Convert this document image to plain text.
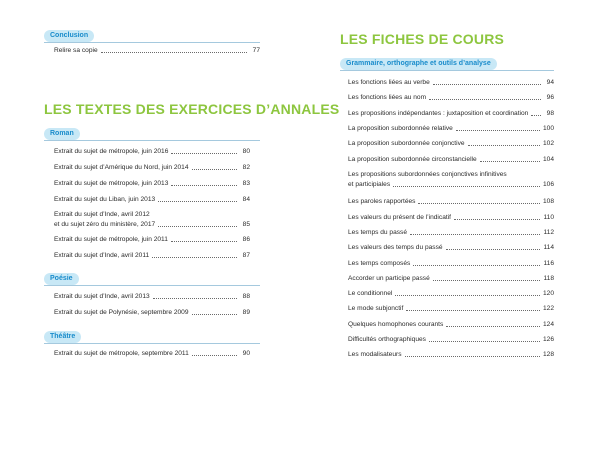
Conclusion
Relire sa copie	77
LES TEXTES DES EXERCICES D’ANNALES
Roman
Extrait du sujet de métropole, juin 2016	80
Extrait du sujet d’Amérique du Nord, juin 2014	82
Extrait du sujet de métropole, juin 2013	83
Extrait du sujet du Liban, juin 2013	84
Extrait du sujet d’Inde, avril 2012
et du sujet zéro du ministère, 2017	85
Extrait du sujet de métropole, juin 2011	86
Extrait du sujet d’Inde, avril 2011	87
Poésie
Extrait du sujet d’Inde, avril 2013	88
Extrait du sujet de Polynésie, septembre 2009	89
Théâtre
Extrait du sujet de métropole, septembre 2011	90
LES FICHES DE COURS
Grammaire, orthographe et outils d’analyse
Les fonctions liées au verbe	94
Les fonctions liées au nom	96
Les propositions indépendantes : juxtaposition et coordination	98
La proposition subordonnée relative	100
La proposition subordonnée conjonctive	102
La proposition subordonnée circonstancielle	104
Les propositions subordonnées conjonctives infinitives
et participiales	106
Les paroles rapportées	108
Les valeurs du présent de l’indicatif	110
Les temps du passé	112
Les valeurs des temps du passé	114
Les temps composés	116
Accorder un participe passé	118
Le conditionnel	120
Le mode subjonctif	122
Quelques homophones courants	124
Difficultés orthographiques	126
Les modalisateurs	128
